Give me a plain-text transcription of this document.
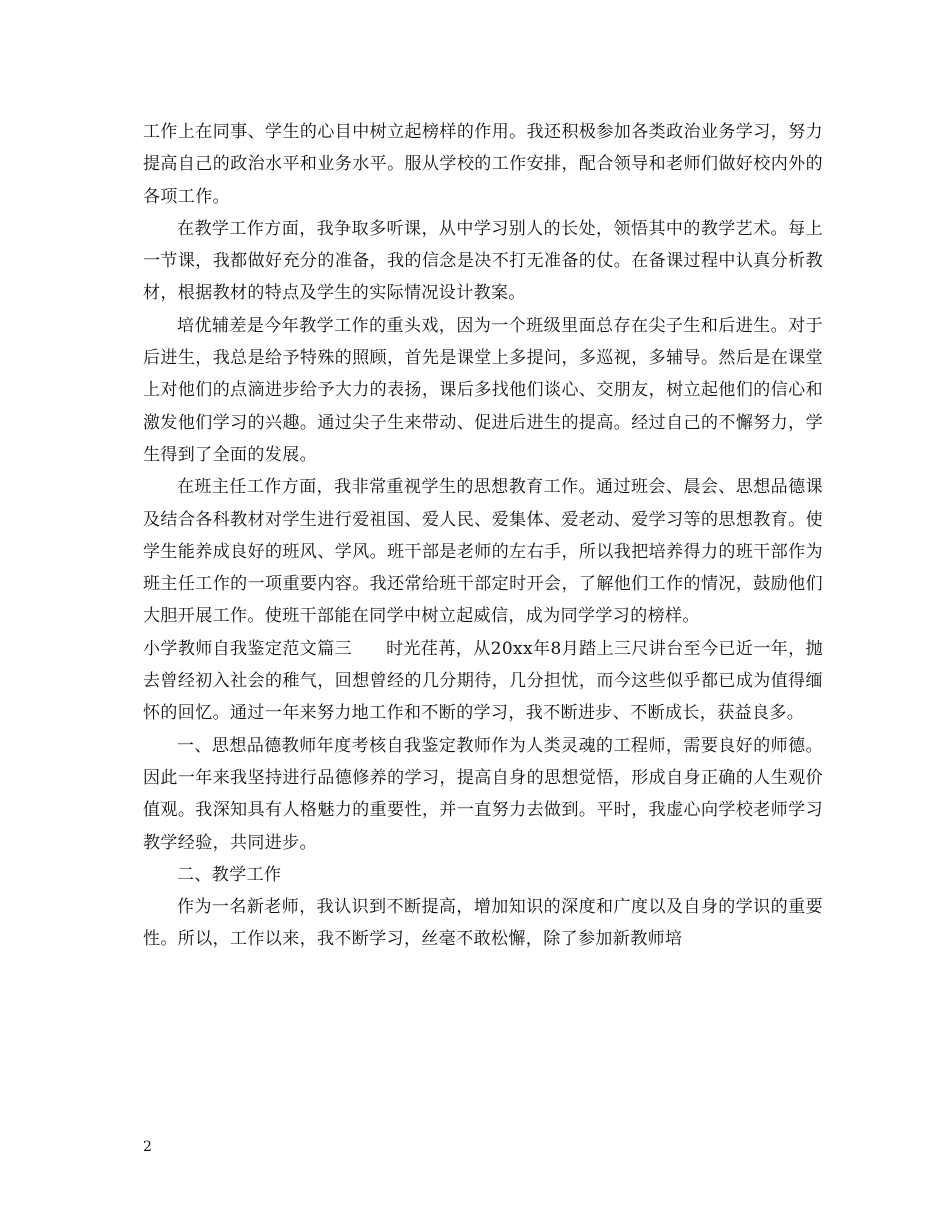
工作上在同事、学生的心目中树立起榜样的作用。我还积极参加各类政治业务学习，努力提高自己的政治水平和业务水平。服从学校的工作安排，配合领导和老师们做好校内外的各项工作。

在教学工作方面，我争取多听课，从中学习别人的长处，领悟其中的教学艺术。每上一节课，我都做好充分的准备，我的信念是决不打无准备的仗。在备课过程中认真分析教材，根据教材的特点及学生的实际情况设计教案。

培优辅差是今年教学工作的重头戏，因为一个班级里面总存在尖子生和后进生。对于后进生，我总是给予特殊的照顾，首先是课堂上多提问，多巡视，多辅导。然后是在课堂上对他们的点滴进步给予大力的表扬，课后多找他们谈心、交朋友，树立起他们的信心和激发他们学习的兴趣。通过尖子生来带动、促进后进生的提高。经过自己的不懈努力，学生得到了全面的发展。

在班主任工作方面，我非常重视学生的思想教育工作。通过班会、晨会、思想品德课及结合各科教材对学生进行爱祖国、爱人民、爱集体、爱老动、爱学习等的思想教育。使学生能养成良好的班风、学风。班干部是老师的左右手，所以我把培养得力的班干部作为班主任工作的一项重要内容。我还常给班干部定时开会，了解他们工作的情况，鼓励他们大胆开展工作。使班干部能在同学中树立起威信，成为同学学习的榜样。

小学教师自我鉴定范文篇三 时光荏苒，从20xx年8月踏上三尺讲台至今已近一年，抛去曾经初入社会的稚气，回想曾经的几分期待，几分担忧，而今这些似乎都已成为值得缅怀的回忆。通过一年来努力地工作和不断的学习，我不断进步、不断成长，获益良多。

一、思想品德教师年度考核自我鉴定教师作为人类灵魂的工程师，需要良好的师德。因此一年来我坚持进行品德修养的学习，提高自身的思想觉悟，形成自身正确的人生观价值观。我深知具有人格魅力的重要性，并一直努力去做到。平时，我虚心向学校老师学习教学经验，共同进步。

二、教学工作

作为一名新老师，我认识到不断提高，增加知识的深度和广度以及自身的学识的重要性。所以，工作以来，我不断学习，丝毫不敢松懈，除了参加新教师培

2
